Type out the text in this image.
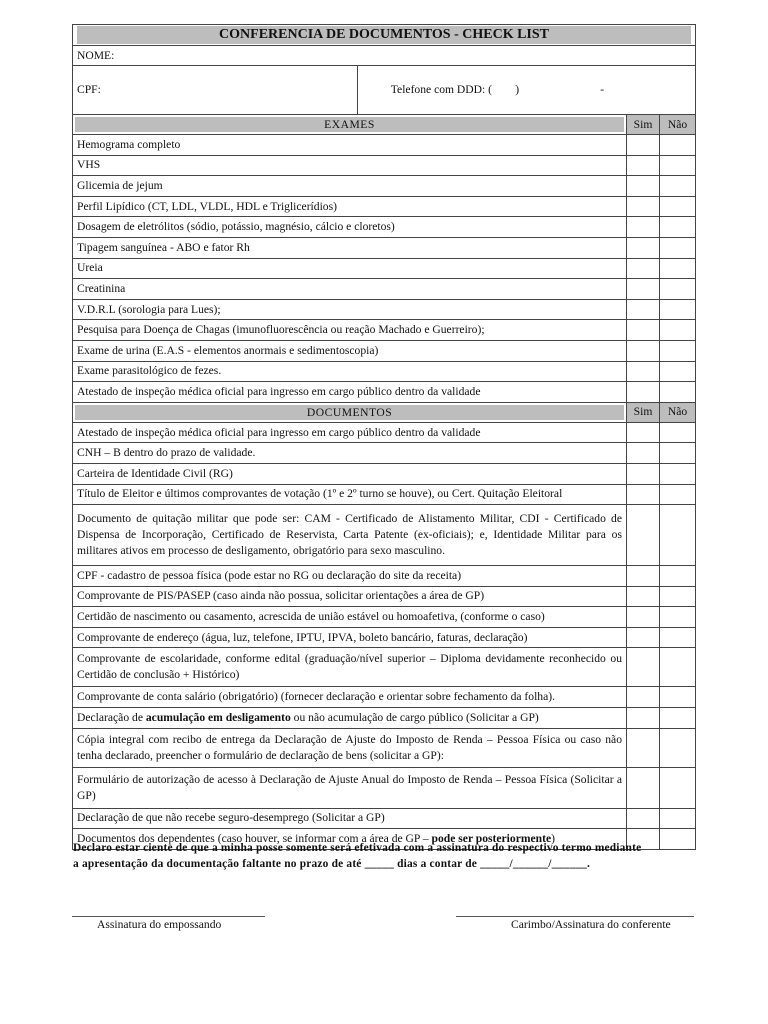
CONFERENCIA DE DOCUMENTOS - CHECK LIST			

NOME:			
CPF:	Telefone com DDD: (        )                            -		

EXAMES		Sim	Não
Hemograma completo			
VHS			
Glicemia de jejum			
Perfil Lipídico (CT, LDL, VLDL, HDL e Triglicerídios)			
Dosagem de eletrólitos (sódio, potássio, magnésio, cálcio e cloretos)			
Tipagem sanguínea - ABO e fator Rh			
Ureia			
Creatinina			
V.D.R.L (sorologia para Lues);			
Pesquisa para Doença de Chagas (imunofluorescência ou reação Machado e Guerreiro);			
Exame de urina (E.A.S - elementos anormais e sedimentoscopia)			
Exame parasitológico de fezes.			
Atestado de inspeção médica oficial para ingresso em cargo público dentro da validade			

DOCUMENTOS		Sim	Não
Atestado de inspeção médica oficial para ingresso em cargo público dentro da validade			
CNH – B dentro do prazo de validade.			
Carteira de Identidade Civil (RG)			
Título de Eleitor e últimos comprovantes de votação (1º e 2º turno se houve), ou Cert. Quitação Eleitoral			
Documento de quitação militar que pode ser: CAM - Certificado de Alistamento Militar, CDI - Certificado de Dispensa de Incorporação, Certificado de Reservista, Carta Patente (ex-oficiais); e, Identidade Militar para os militares ativos em processo de desligamento, obrigatório para sexo masculino.			
CPF - cadastro de pessoa física (pode estar no RG ou declaração do site da receita)			
Comprovante de PIS/PASEP (caso ainda não possua, solicitar orientações a área de GP)			
Certidão de nascimento ou casamento, acrescida de união estável ou homoafetiva, (conforme o caso)			
Comprovante de endereço (água, luz, telefone, IPTU, IPVA, boleto bancário, faturas, declaração)			
Comprovante de escolaridade, conforme edital (graduação/nível superior – Diploma devidamente reconhecido ou Certidão de conclusão + Histórico)			
Comprovante de conta salário (obrigatório) (fornecer declaração e orientar sobre fechamento da folha).			
Declaração de acumulação em desligamento ou não acumulação de cargo público (Solicitar a GP)			
Cópia integral com recibo de entrega da Declaração de Ajuste do Imposto de Renda – Pessoa Física ou caso não tenha declarado, preencher o formulário de declaração de bens (solicitar a GP):			
Formulário de autorização de acesso à Declaração de Ajuste Anual do Imposto de Renda – Pessoa Física (Solicitar a GP)			
Declaração de que não recebe seguro-desemprego (Solicitar a GP)			
Documentos dos dependentes (caso houver, se informar com a área de GP – pode ser posteriormente)			
Declaro estar ciente de que a minha posse somente será efetivada com a assinatura do respectivo termo mediante
a apresentação da documentação faltante no prazo de até _____ dias a contar de _____/______/______.
Assinatura do empossando	Carimbo/Assinatura do conferente
